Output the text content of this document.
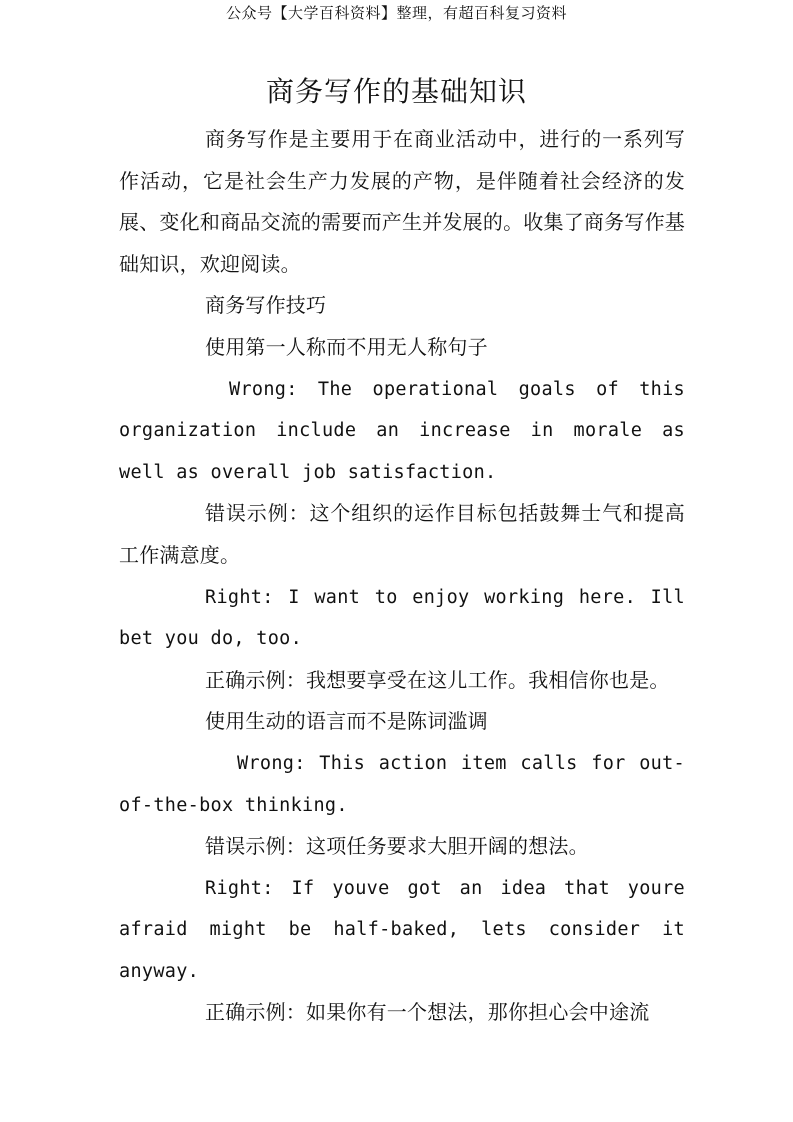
公众号【大学百科资料】整理，有超百科复习资料
商务写作的基础知识

商务写作是主要用于在商业活动中，进行的一系列写作活动，它是社会生产力发展的产物，是伴随着社会经济的发展、变化和商品交流的需要而产生并发展的。收集了商务写作基础知识，欢迎阅读。

商务写作技巧

使用第一人称而不用无人称句子

Wrong: The operational goals of this organization include an increase in morale as well as overall job satisfaction.

错误示例：这个组织的运作目标包括鼓舞士气和提高工作满意度。

Right: I want to enjoy working here. Ill bet you do, too.

正确示例：我想要享受在这儿工作。我相信你也是。

使用生动的语言而不是陈词滥调

Wrong: This action item calls for out-of-the-box thinking.

错误示例：这项任务要求大胆开阔的想法。

Right: If youve got an idea that youre afraid might be half-baked, lets consider it anyway.

正确示例：如果你有一个想法，那你担心会中途流
